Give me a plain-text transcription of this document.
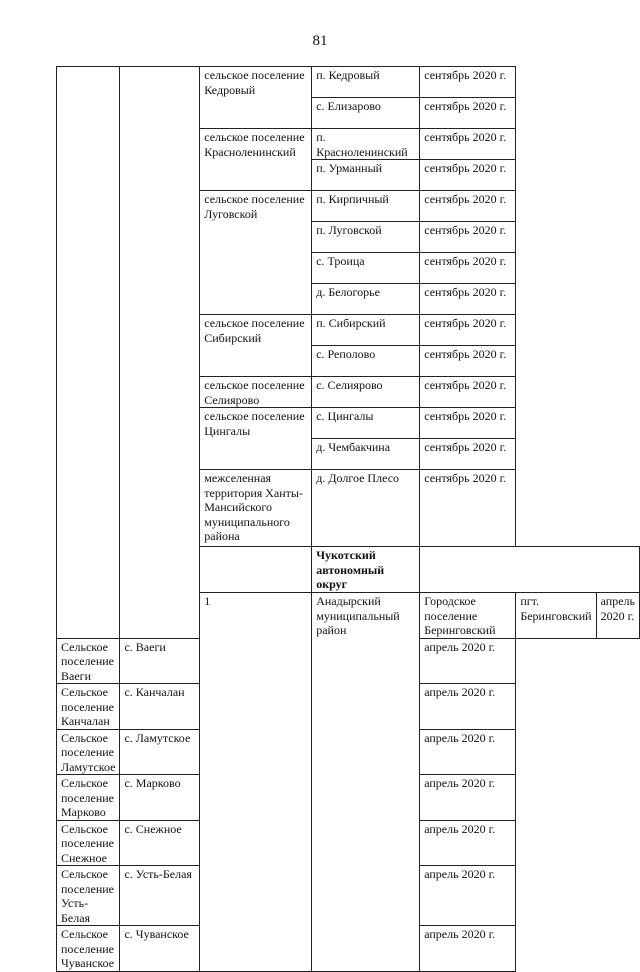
81
		сельское поселение Кедровый	п. Кедровый	сентябрь 2020 г.		
			с. Елизарово	сентябрь 2020 г.		
		сельское поселение Красноленинский	п. Красноленинский	сентябрь 2020 г.		
			п. Урманный	сентябрь 2020 г.		
		сельское поселение Луговской	п. Кирпичный	сентябрь 2020 г.		
			п. Луговской	сентябрь 2020 г.		
			с. Троица	сентябрь 2020 г.		
			д. Белогорье	сентябрь 2020 г.		
		сельское поселение Сибирский	п. Сибирский	сентябрь 2020 г.		
			с. Реполово	сентябрь 2020 г.		
		сельское поселение Селиярово	с. Селиярово	сентябрь 2020 г.		
		сельское поселение Цингалы	с. Цингалы	сентябрь 2020 г.		
			д. Чембакчина	сентябрь 2020 г.		
		межселенная территория Ханты-Мансийского муниципального района	д. Долгое Плесо	сентябрь 2020 г.		
			Чукотский автономный округ			
		1	Анадырский муниципальный район	Городское поселение Беринговский	пгт. Беринговский	апрель 2020 г.
Сельское поселение Ваеги	с. Ваеги			апрель 2020 г.		
Сельское поселение Канчалан	с. Канчалан			апрель 2020 г.		
Сельское поселение Ламутское	с. Ламутское			апрель 2020 г.		
Сельское поселение Марково	с. Марково			апрель 2020 г.		
Сельское поселение Снежное	с. Снежное			апрель 2020 г.		
Сельское поселение Усть-Белая	с. Усть-Белая			апрель 2020 г.		
Сельское поселение Чуванское	с. Чуванское			апрель 2020 г.		
